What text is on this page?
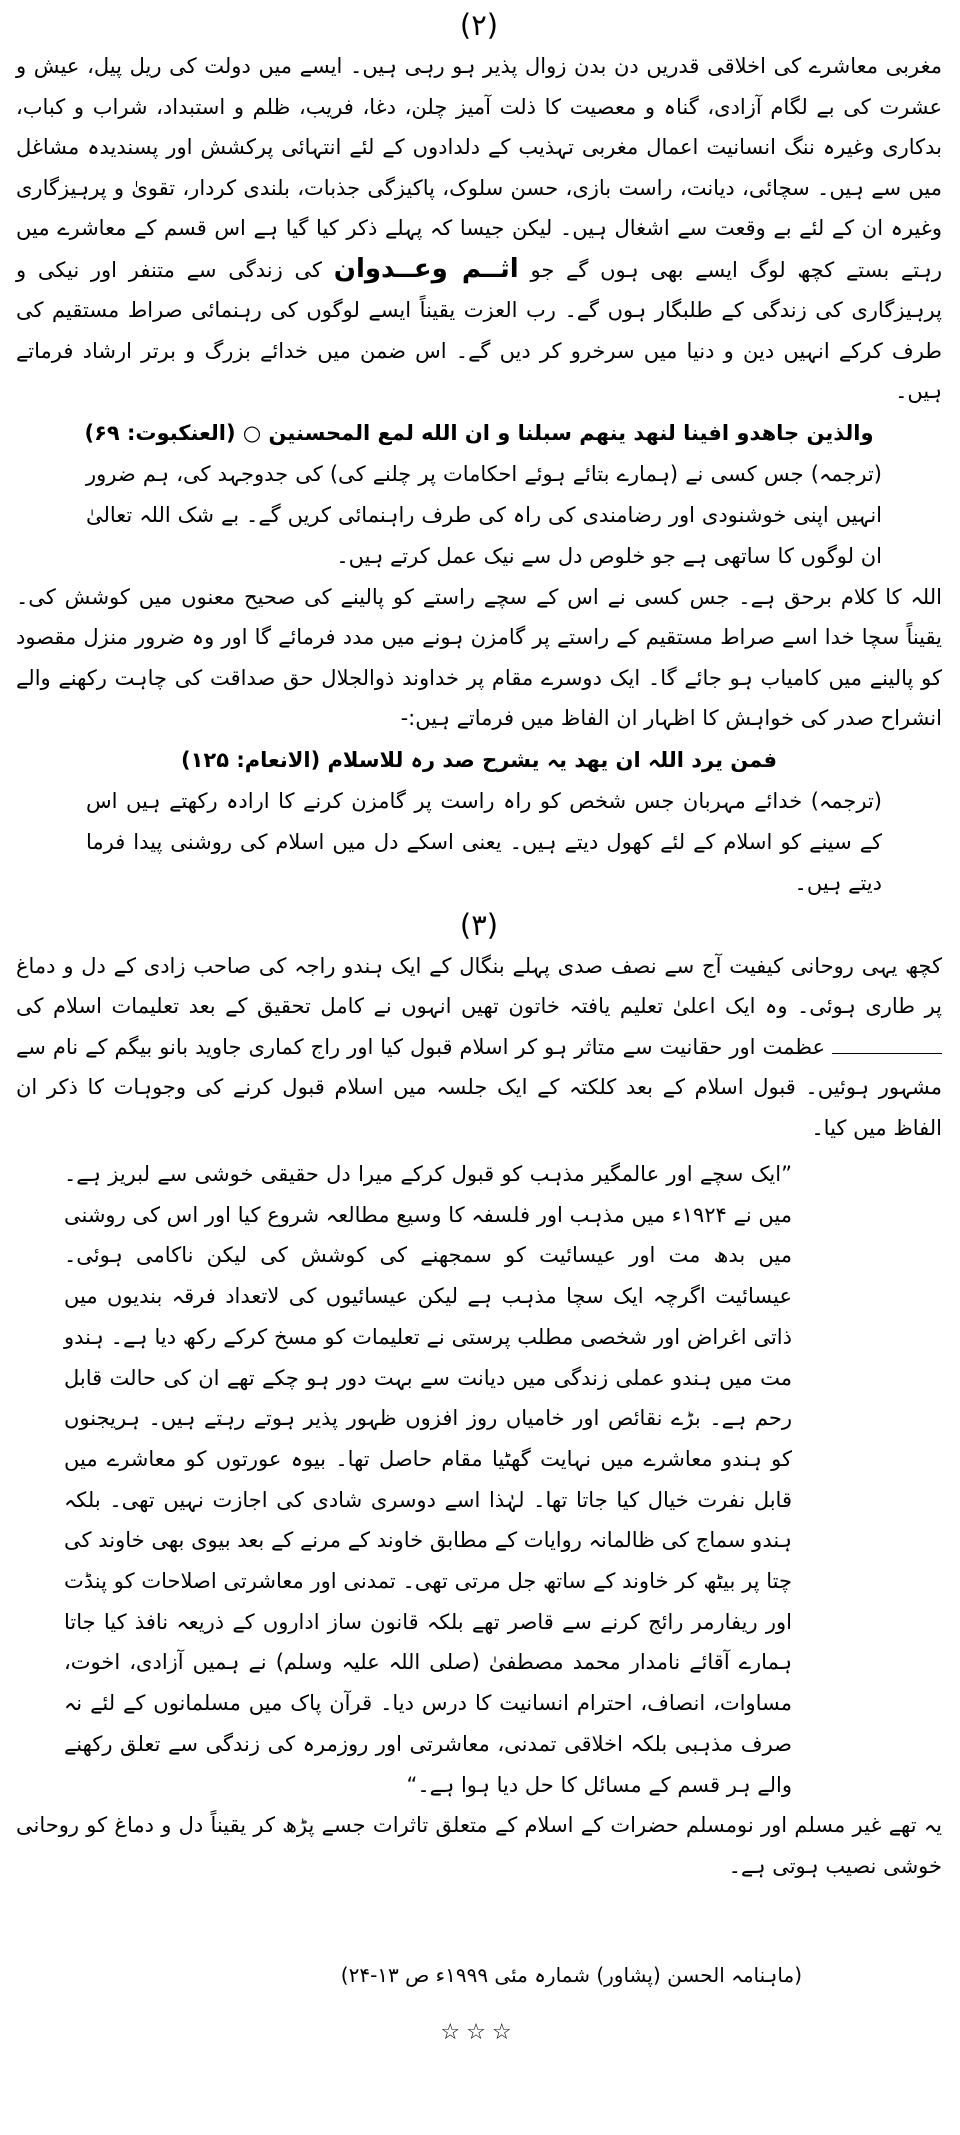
(۲)

مغربی معاشرے کی اخلاقی قدریں دن بدن زوال پذیر ہو رہی ہیں۔ ایسے میں دولت کی ریل پیل، عیش و عشرت کی بے لگام آزادی، گناہ و معصیت کا ذلت آمیز چلن، دغا، فریب، ظلم و استبداد، شراب و کباب، بدکاری وغیرہ ننگ انسانیت اعمال مغربی تہذیب کے دلدادوں کے لئے انتہائی پرکشش اور پسندیدہ مشاغل میں سے ہیں۔ سچائی، دیانت، راست بازی، حسن سلوک، پاکیزگی جذبات، بلندی کردار، تقویٰ و پرہیزگاری وغیرہ ان کے لئے بے وقعت سے اشغال ہیں۔ لیکن جیسا کہ پہلے ذکر کیا گیا ہے اس قسم کے معاشرے میں رہتے بستے کچھ لوگ ایسے بھی ہوں گے جو اثــم وعــدوان کی زندگی سے متنفر اور نیکی و پرہیزگاری کی زندگی کے طلبگار ہوں گے۔ رب العزت یقیناً ایسے لوگوں کی رہنمائی صراط مستقیم کی طرف کرکے انہیں دین و دنیا میں سرخرو کر دیں گے۔ اس ضمن میں خدائے بزرگ و برتر ارشاد فرماتے ہیں۔

والذين جاهدو افينا لنهد ينهم سبلنا و ان الله لمع المحسنين ○ (العنکبوت: ۶۹)

(ترجمہ) جس کسی نے (ہمارے بتائے ہوئے احکامات پر چلنے کی) کی جدوجہد کی، ہم ضرور انہیں اپنی خوشنودی اور رضامندی کی راہ کی طرف راہنمائی کریں گے۔ بے شک اللہ تعالیٰ ان لوگوں کا ساتھی ہے جو خلوص دل سے نیک عمل کرتے ہیں۔

اللہ کا کلام برحق ہے۔ جس کسی نے اس کے سچے راستے کو پالینے کی صحیح معنوں میں کوشش کی۔ یقیناً سچا خدا اسے صراط مستقیم کے راستے پر گامزن ہونے میں مدد فرمائے گا اور وہ ضرور منزل مقصود کو پالینے میں کامیاب ہو جائے گا۔ ایک دوسرے مقام پر خداوند ذوالجلال حق صداقت کی چاہت رکھنے والے انشراح صدر کی خواہش کا اظہار ان الفاظ میں فرماتے ہیں:-

فمن یرد اللہ ان یهد یہ یشرح صد رہ للاسلام (الانعام: ۱۲۵)

(ترجمہ) خدائے مہربان جس شخص کو راہ راست پر گامزن کرنے کا ارادہ رکھتے ہیں اس کے سینے کو اسلام کے لئے کھول دیتے ہیں۔ یعنی اسکے دل میں اسلام کی روشنی پیدا فرما دیتے ہیں۔

(۳)

کچھ یہی روحانی کیفیت آج سے نصف صدی پہلے بنگال کے ایک ہندو راجہ کی صاحب زادی کے دل و دماغ پر طاری ہوئی۔ وہ ایک اعلیٰ تعلیم یافتہ خاتون تھیں انہوں نے کامل تحقیق کے بعد تعلیمات اسلام کی  عظمت اور حقانیت سے متاثر ہو کر اسلام قبول کیا اور راج کماری جاوید بانو بیگم کے نام سے مشہور ہوئیں۔ قبول اسلام کے بعد کلکتہ کے ایک جلسہ میں اسلام قبول کرنے کی وجوہات کا ذکر ان الفاظ میں کیا۔

”ایک سچے اور عالمگیر مذہب کو قبول کرکے میرا دل حقیقی خوشی سے لبریز ہے۔ میں نے ۱۹۲۴ء میں مذہب اور فلسفہ کا وسیع مطالعہ شروع کیا اور اس کی روشنی میں بدھ مت اور عیسائیت کو سمجھنے کی کوشش کی لیکن ناکامی ہوئی۔ عیسائیت اگرچہ ایک سچا مذہب ہے لیکن عیسائیوں کی لاتعداد فرقہ بندیوں میں ذاتی اغراض اور شخصی مطلب پرستی نے تعلیمات کو مسخ کرکے رکھ دیا ہے۔ ہندو مت میں ہندو عملی زندگی میں دیانت سے بہت دور ہو چکے تھے ان کی حالت قابل رحم ہے۔ بڑے نقائص اور خامیاں روز افزوں ظہور پذیر ہوتے رہتے ہیں۔ ہریجنوں کو ہندو معاشرے میں نہایت گھٹیا مقام حاصل تھا۔ بیوہ عورتوں کو معاشرے میں قابل نفرت خیال کیا جاتا تھا۔ لہٰذا اسے دوسری شادی کی اجازت نہیں تھی۔ بلکہ ہندو سماج کی ظالمانہ روایات کے مطابق خاوند کے مرنے کے بعد بیوی بھی خاوند کی چتا پر بیٹھ کر خاوند کے ساتھ جل مرتی تھی۔ تمدنی اور معاشرتی اصلاحات کو پنڈت اور ریفارمر رائج کرنے سے قاصر تھے بلکہ قانون ساز اداروں کے ذریعہ نافذ کیا جاتا ہمارے آقائے نامدار محمد مصطفیٰ (صلی اللہ علیہ وسلم) نے ہمیں آزادی، اخوت، مساوات، انصاف، احترام انسانیت کا درس دیا۔ قرآن پاک میں مسلمانوں کے لئے نہ صرف مذہبی بلکہ اخلاقی تمدنی، معاشرتی اور روزمرہ کی زندگی سے تعلق رکھنے والے ہر قسم کے مسائل کا حل دیا ہوا ہے۔“

یہ تھے غیر مسلم اور نومسلم حضرات کے اسلام کے متعلق تاثرات جسے پڑھ کر یقیناً دل و دماغ کو روحانی خوشی نصیب ہوتی ہے۔

(ماہنامہ الحسن (پشاور) شمارہ مئی ۱۹۹۹ء ص ۱۳-۲۴)

☆☆☆
